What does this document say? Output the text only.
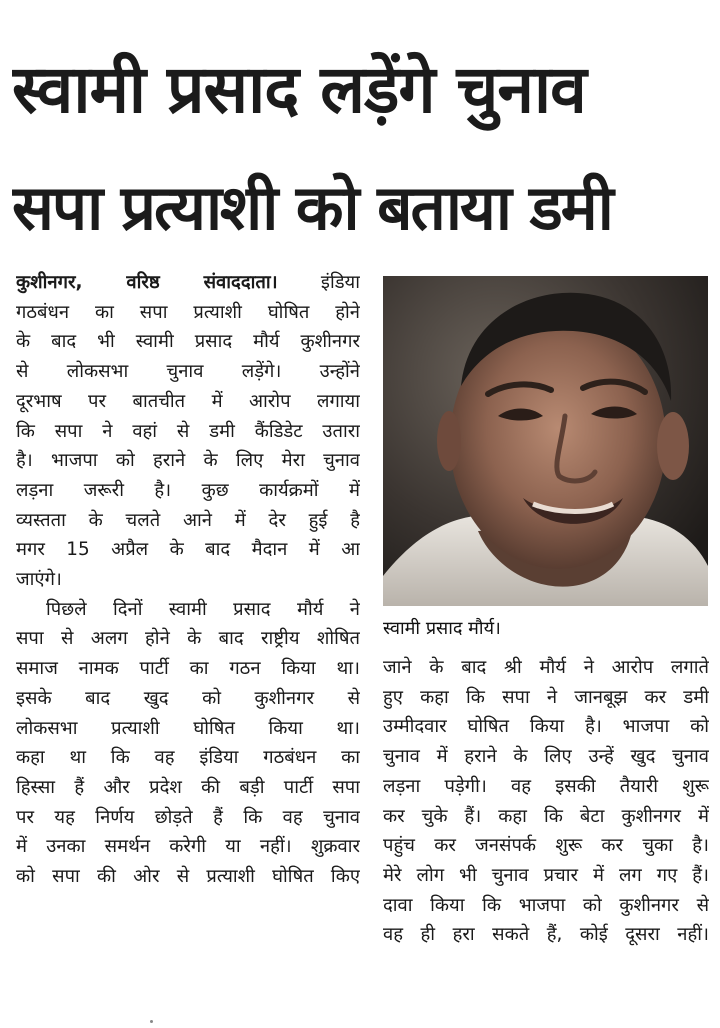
स्वामी प्रसाद लड़ेंगे चुनाव
सपा प्रत्याशी को बताया डमी
कुशीनगर, वरिष्ठ संवाददाता। इंडिया
गठबंधन का सपा प्रत्याशी घोषित होने
के बाद भी स्वामी प्रसाद मौर्य कुशीनगर
से लोकसभा चुनाव लड़ेंगे। उन्होंने
दूरभाष पर बातचीत में आरोप लगाया
कि सपा ने वहां से डमी कैंडिडेट उतारा
है। भाजपा को हराने के लिए मेरा चुनाव
लड़ना जरूरी है। कुछ कार्यक्रमों में
व्यस्तता के चलते आने में देर हुई है
मगर 15 अप्रैल के बाद मैदान में आ
जाएंगे।
पिछले दिनों स्वामी प्रसाद मौर्य ने
सपा से अलग होने के बाद राष्ट्रीय शोषित
समाज नामक पार्टी का गठन किया था।
इसके बाद खुद को कुशीनगर से
लोकसभा प्रत्याशी घोषित किया था।
कहा था कि वह इंडिया गठबंधन का
हिस्सा हैं और प्रदेश की बड़ी पार्टी सपा
पर यह निर्णय छोड़ते हैं कि वह चुनाव
में उनका समर्थन करेगी या नहीं। शुक्रवार
को सपा की ओर से प्रत्याशी घोषित किए
स्वामी प्रसाद मौर्य।
जाने के बाद श्री मौर्य ने आरोप लगाते
हुए कहा कि सपा ने जानबूझ कर डमी
उम्मीदवार घोषित किया है। भाजपा को
चुनाव में हराने के लिए उन्हें खुद चुनाव
लड़ना पड़ेगी। वह इसकी तैयारी शुरू
कर चुके हैं। कहा कि बेटा कुशीनगर में
पहुंच कर जनसंपर्क शुरू कर चुका है।
मेरे लोग भी चुनाव प्रचार में लग गए हैं।
दावा किया कि भाजपा को कुशीनगर से
वह ही हरा सकते हैं, कोई दूसरा नहीं।
